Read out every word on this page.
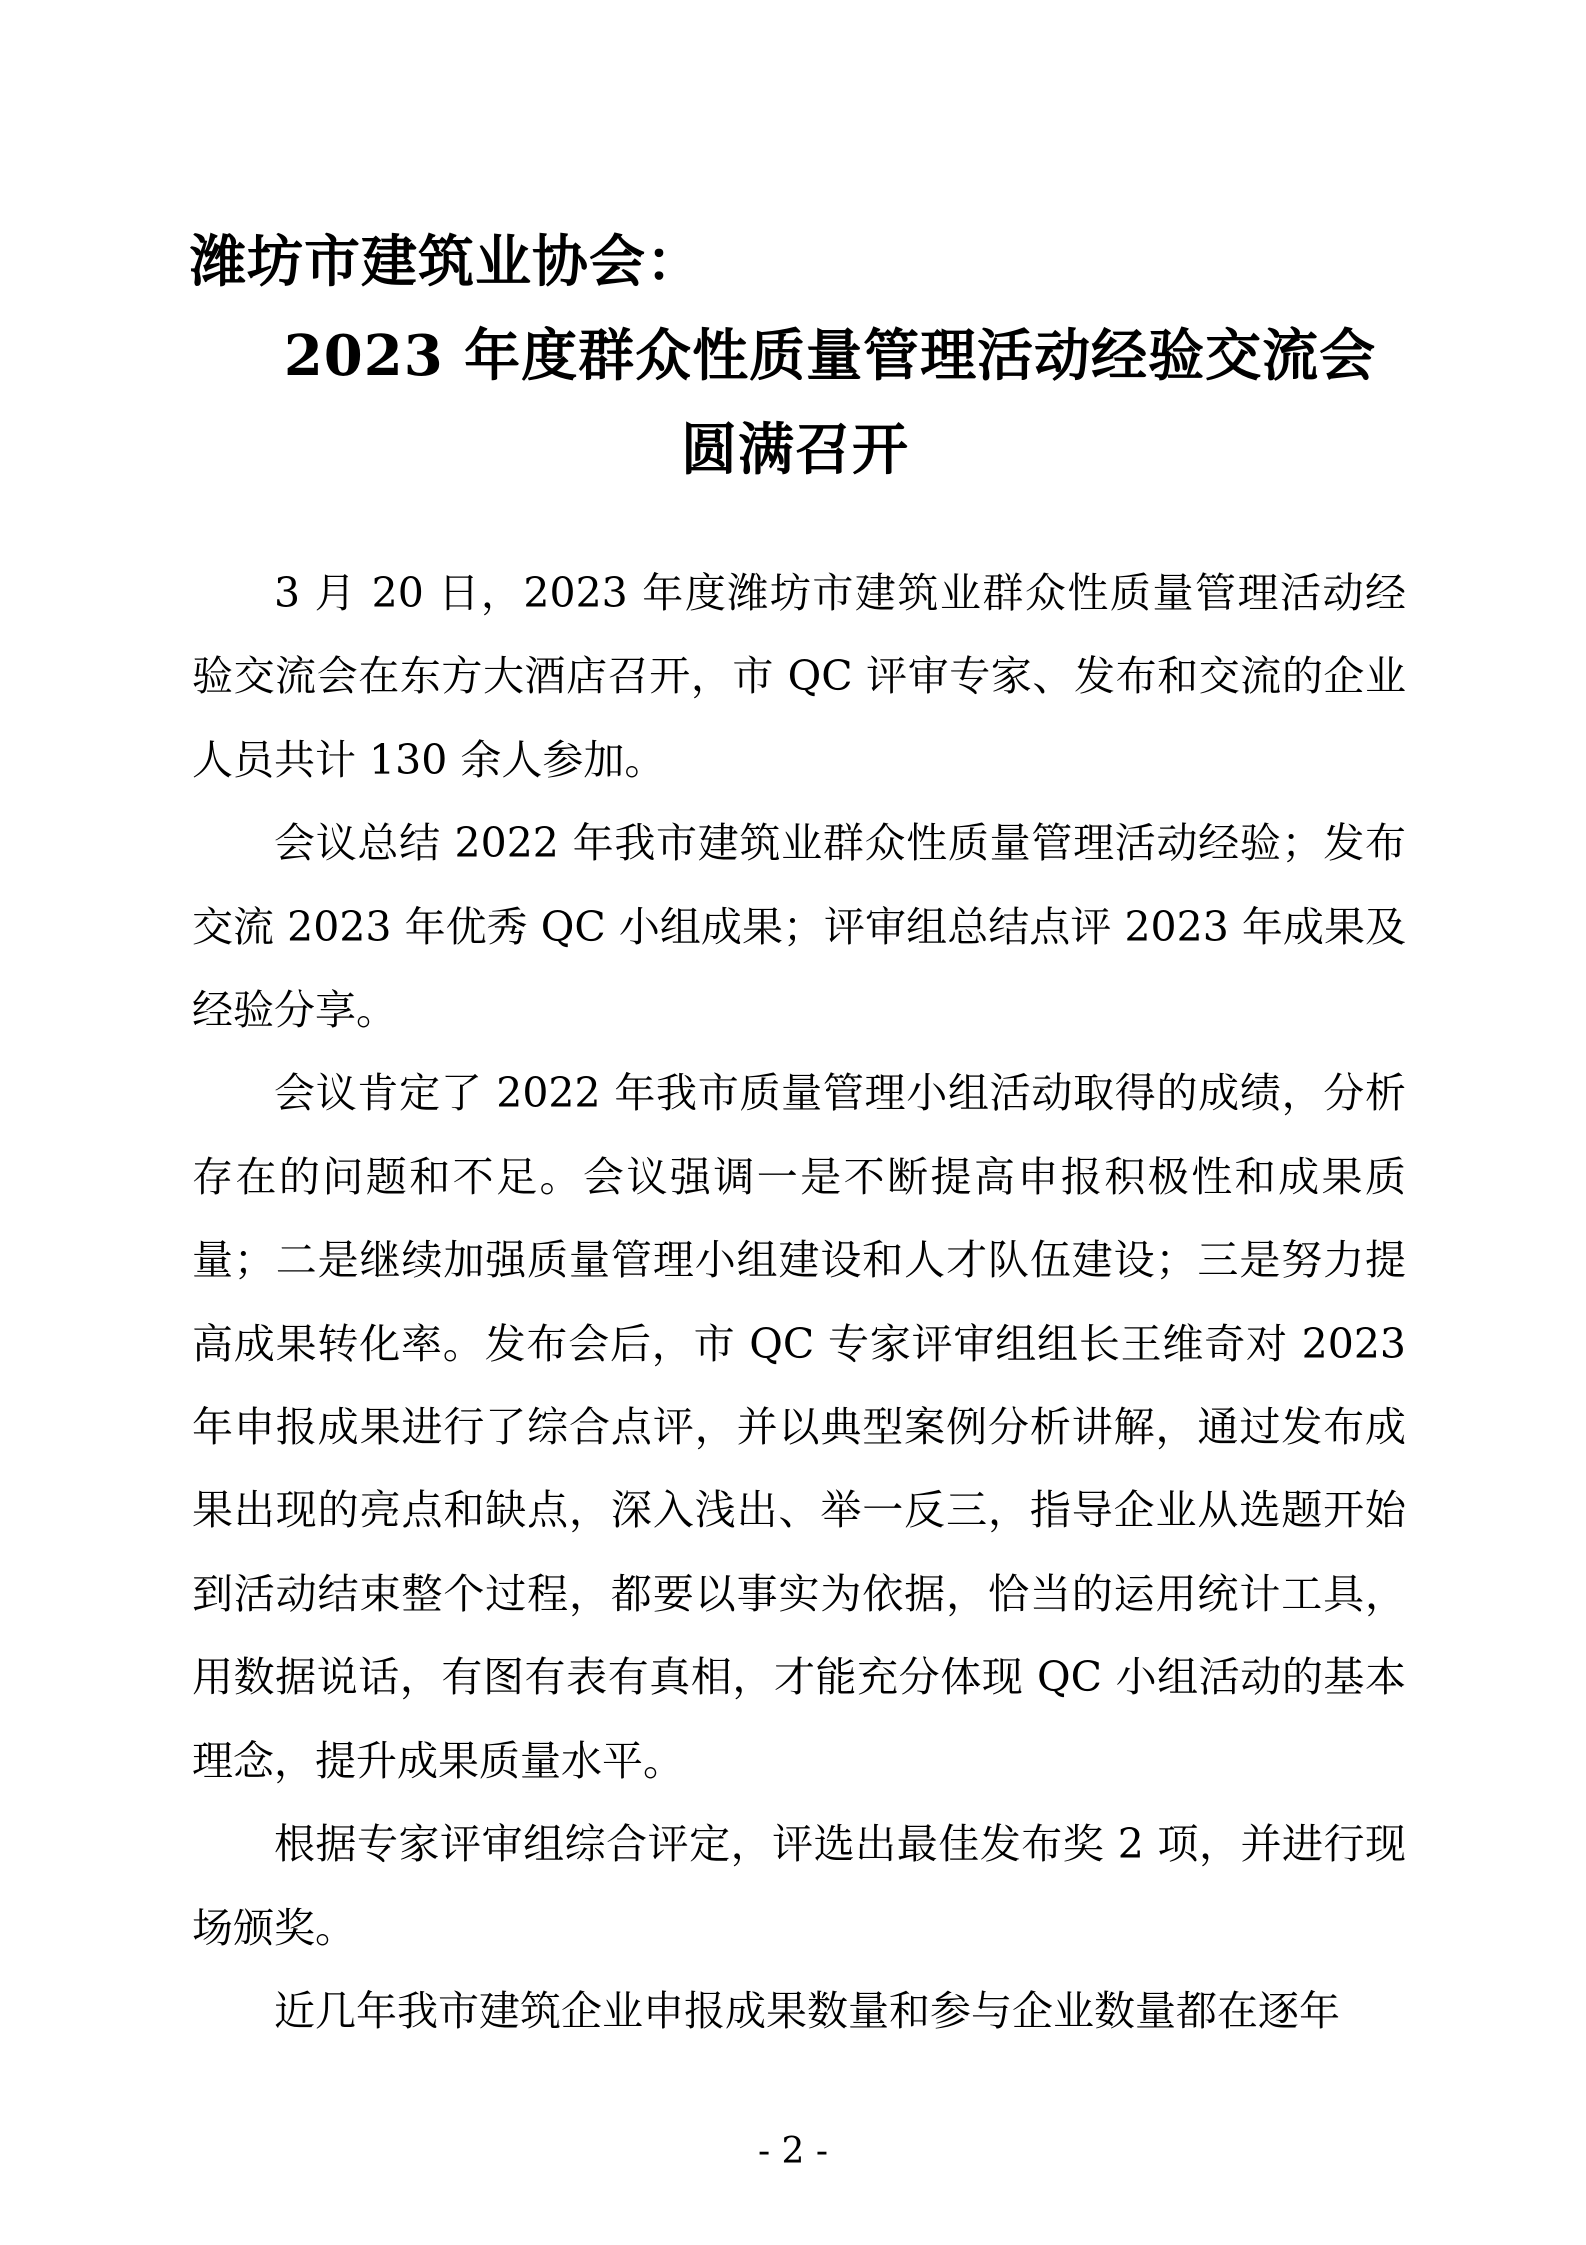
潍坊市建筑业协会：
2023 年度群众性质量管理活动经验交流会
圆满召开

3 月 20 日，2023 年度潍坊市建筑业群众性质量管理活动经验交流会在东方大酒店召开，市 QC 评审专家、发布和交流的企业人员共计 130 余人参加。

会议总结 2022 年我市建筑业群众性质量管理活动经验；发布交流 2023 年优秀 QC 小组成果；评审组总结点评 2023 年成果及经验分享。

会议肯定了 2022 年我市质量管理小组活动取得的成绩，分析存在的问题和不足。会议强调一是不断提高申报积极性和成果质量；二是继续加强质量管理小组建设和人才队伍建设；三是努力提高成果转化率。发布会后，市 QC 专家评审组组长王维奇对 2023 年申报成果进行了综合点评，并以典型案例分析讲解，通过发布成果出现的亮点和缺点，深入浅出、举一反三，指导企业从选题开始到活动结束整个过程，都要以事实为依据，恰当的运用统计工具，用数据说话，有图有表有真相，才能充分体现 QC 小组活动的基本理念，提升成果质量水平。

根据专家评审组综合评定，评选出最佳发布奖 2 项，并进行现场颁奖。

近几年我市建筑企业申报成果数量和参与企业数量都在逐年

- 2 -
